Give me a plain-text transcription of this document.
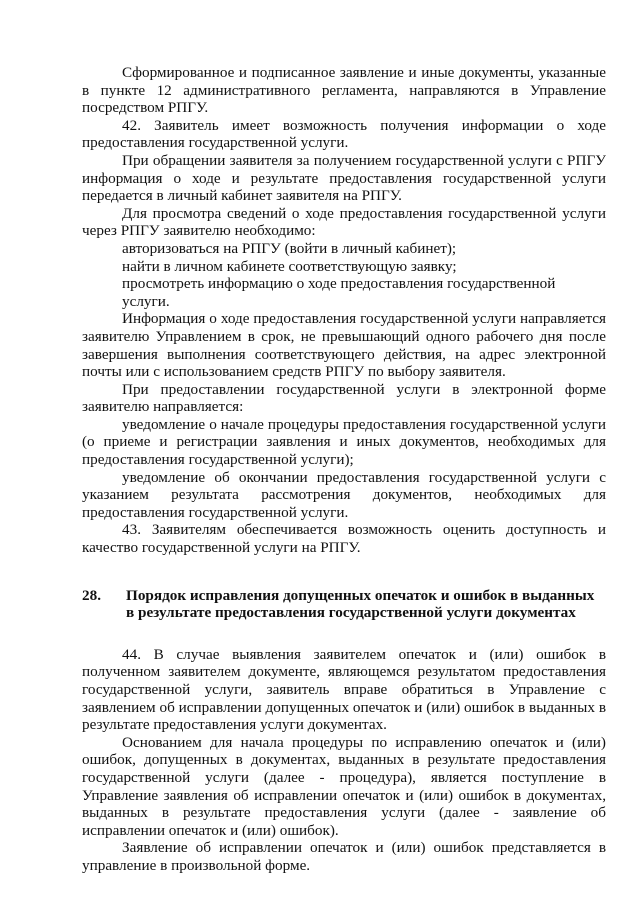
Сформированное и подписанное заявление и иные документы, указанные в пункте 12 административного регламента, направляются в Управление посредством РПГУ.

42. Заявитель имеет возможность получения информации о ходе предоставления государственной услуги.

При обращении заявителя за получением государственной услуги с РПГУ информация о ходе и результате предоставления государственной услуги передается в личный кабинет заявителя на РПГУ.

Для просмотра сведений о ходе предоставления государственной услуги через РПГУ заявителю необходимо:

авторизоваться на РПГУ (войти в личный кабинет);

найти в личном кабинете соответствующую заявку;

просмотреть информацию о ходе предоставления государственной услуги.

Информация о ходе предоставления государственной услуги направляется заявителю Управлением в срок, не превышающий одного рабочего дня после завершения выполнения соответствующего действия, на адрес электронной почты или с использованием средств РПГУ по выбору заявителя.

При предоставлении государственной услуги в электронной форме заявителю направляется:

уведомление о начале процедуры предоставления государственной услуги (о приеме и регистрации заявления и иных документов, необходимых для предоставления государственной услуги);

уведомление об окончании предоставления государственной услуги с указанием результата рассмотрения документов, необходимых для предоставления государственной услуги.

43. Заявителям обеспечивается возможность оценить доступность и качество государственной услуги на РПГУ.

28.	Порядок исправления допущенных опечаток и ошибок в выданных в результате предоставления государственной услуги документах

44. В случае выявления заявителем опечаток и (или) ошибок в полученном заявителем документе, являющемся результатом предоставления государственной услуги, заявитель вправе обратиться в Управление с заявлением об исправлении допущенных опечаток и (или) ошибок в выданных в результате предоставления услуги документах.

Основанием для начала процедуры по исправлению опечаток и (или) ошибок, допущенных в документах, выданных в результате предоставления государственной услуги (далее - процедура), является поступление в Управление заявления об исправлении опечаток и (или) ошибок в документах, выданных в результате предоставления услуги (далее - заявление об исправлении опечаток и (или) ошибок).

Заявление об исправлении опечаток и (или) ошибок представляется в управление в произвольной форме.
